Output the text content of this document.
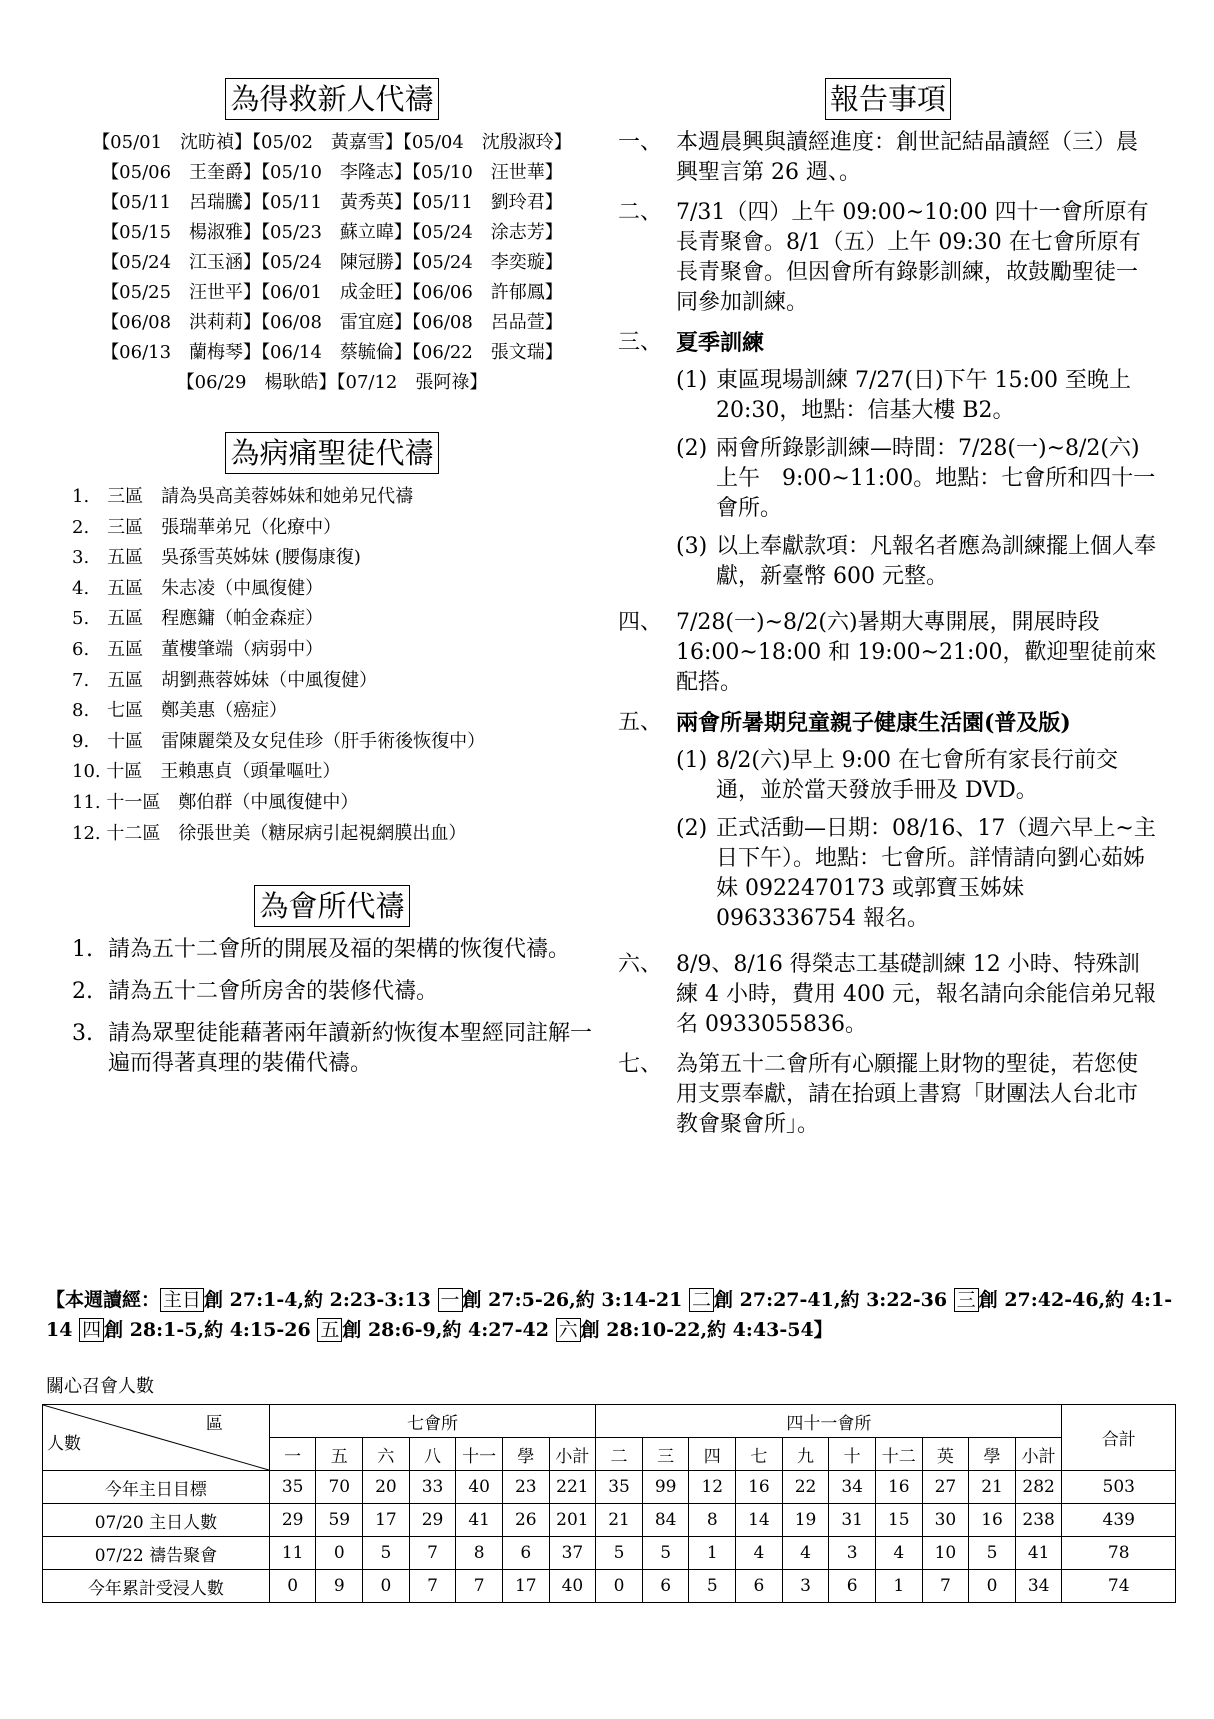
為得救新人代禱
【05/01　沈昉禎】【05/02　黃嘉雪】【05/04　沈殷淑玲】
【05/06　王奎爵】【05/10　李隆志】【05/10　汪世華】
【05/11　呂瑞騰】【05/11　黃秀英】【05/11　劉玲君】
【05/15　楊淑雅】【05/23　蘇立暐】【05/24　涂志芳】
【05/24　江玉涵】【05/24　陳冠勝】【05/24　李奕璇】
【05/25　汪世平】【06/01　成金旺】【06/06　許郁鳳】
【06/08　洪莉莉】【06/08　雷宜庭】【06/08　呂品萱】
【06/13　蘭梅琴】【06/14　蔡毓倫】【06/22　張文瑞】
【06/29　楊耿皓】【07/12　張阿祿】
為病痛聖徒代禱
1.　三區　請為吳高美蓉姊妹和她弟兄代禱
2.　三區　張瑞華弟兄（化療中）
3.　五區　吳孫雪英姊妹 (腰傷康復)
4.　五區　朱志凌（中風復健）
5.　五區　程應鏞（帕金森症）
6.　五區　董樓肇端（病弱中）
7.　五區　胡劉燕蓉姊妹（中風復健）
8.　七區　鄭美惠（癌症）
9.　十區　雷陳麗榮及女兒佳珍（肝手術後恢復中）
10. 十區　王賴惠貞（頭暈嘔吐）
11. 十一區　鄭伯群（中風復健中）
12. 十二區　徐張世美（糖尿病引起視網膜出血）
為會所代禱
1. 請為五十二會所的開展及福的架構的恢復代禱。
2. 請為五十二會所房舍的裝修代禱。
3. 請為眾聖徒能藉著兩年讀新約恢復本聖經同註解一遍而得著真理的裝備代禱。
報告事項
一、 本週晨興與讀經進度：創世記結晶讀經（三）晨興聖言第 26 週、。
二、 7/31（四）上午 09:00~10:00 四十一會所原有長青聚會。8/1（五）上午 09:30 在七會所原有長青聚會。但因會所有錄影訓練，故鼓勵聖徒一同參加訓練。
三、 夏季訓練
(1) 東區現場訓練 7/27(日)下午 15:00 至晚上 20:30，地點：信基大樓 B2。
(2) 兩會所錄影訓練—時間：7/28(一)~8/2(六)上午　9:00~11:00。地點：七會所和四十一會所。
(3) 以上奉獻款項：凡報名者應為訓練擺上個人奉獻，新臺幣 600 元整。
四、 7/28(一)~8/2(六)暑期大專開展，開展時段 16:00~18:00 和 19:00~21:00，歡迎聖徒前來配搭。
五、 兩會所暑期兒童親子健康生活園(普及版)
(1) 8/2(六)早上 9:00 在七會所有家長行前交通，並於當天發放手冊及 DVD。
(2) 正式活動—日期：08/16、17（週六早上~主日下午）。地點：七會所。詳情請向劉心茹姊妹 0922470173 或郭寶玉姊妹 0963336754 報名。
六、 8/9、8/16 得榮志工基礎訓練 12 小時、特殊訓練 4 小時，費用 400 元，報名請向余能信弟兄報名 0933055836。
七、 為第五十二會所有心願擺上財物的聖徒，若您使用支票奉獻，請在抬頭上書寫「財團法人台北市教會聚會所」。
【本週讀經： 主日 創 27:1-4,約 2:23-3:13 一 創 27:5-26,約 3:14-21 二 創 27:27-41,約 3:22-36 三 創 27:42-46,約 4:1-14 四 創 28:1-5,約 4:15-26 五 創 28:6-9,約 4:27-42 六 創 28:10-22,約 4:43-54】
關心召會人數
區
人數	七會所							四十一會所										合計
	一	五	六	八	十一	學	小計	二	三	四	七	九	十	十二	英	學	小計	
今年主日目標	35	70	20	33	40	23	221	35	99	12	16	22	34	16	27	21	282	503
07/20 主日人數	29	59	17	29	41	26	201	21	84	8	14	19	31	15	30	16	238	439
07/22 禱告聚會	11	0	5	7	8	6	37	5	5	1	4	4	3	4	10	5	41	78
今年累計受浸人數	0	9	0	7	7	17	40	0	6	5	6	3	6	1	7	0	34	74
